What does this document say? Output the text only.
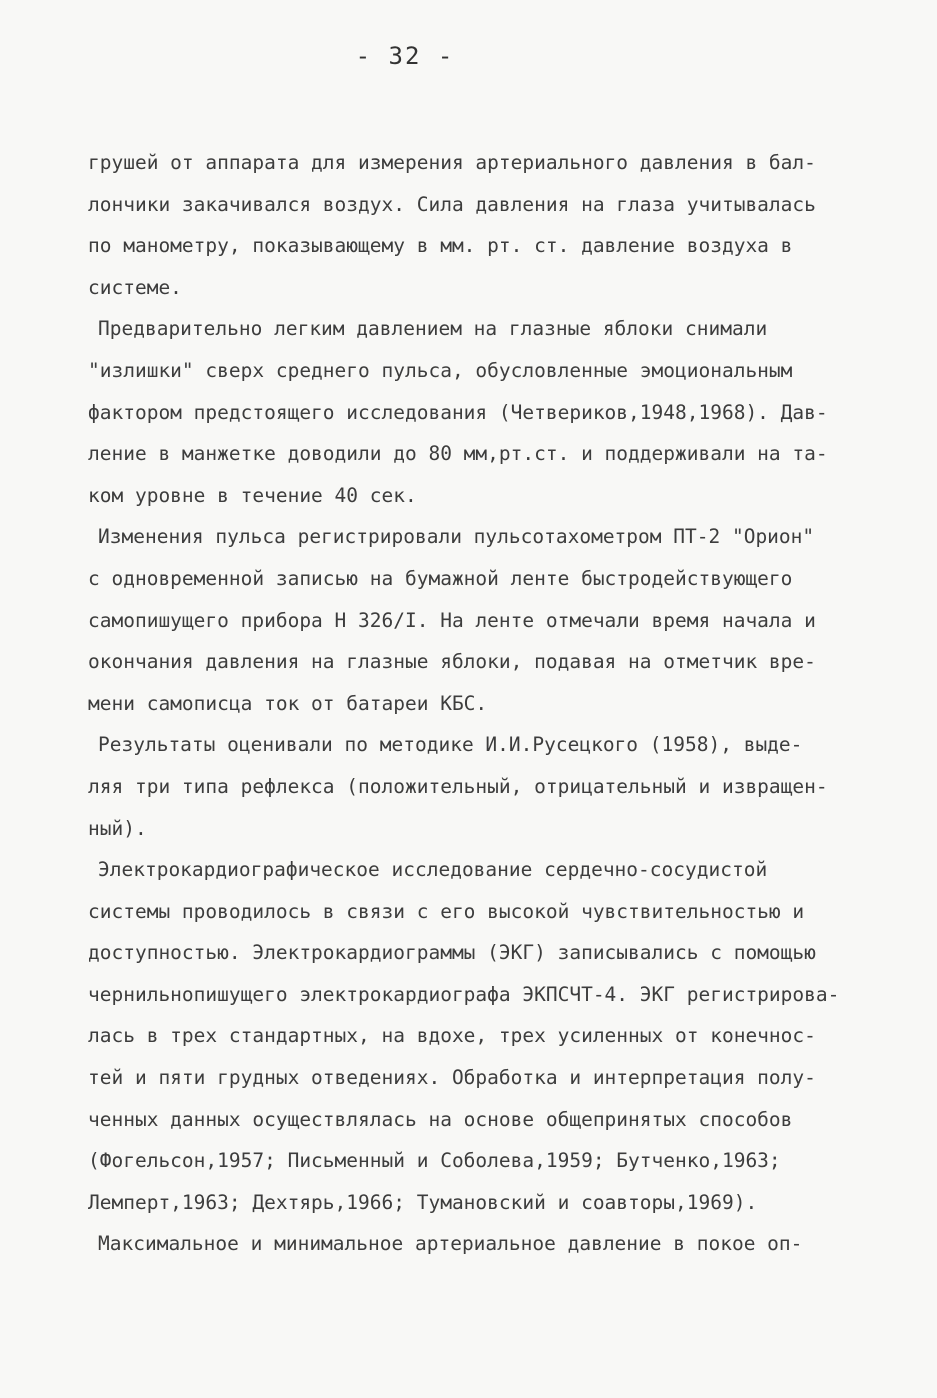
- 32 -
грушей от аппарата для измерения артериального давления в бал-
лончики закачивался воздух. Сила давления на глаза учитывалась
по манометру, показывающему в мм. рт. ст. давление воздуха в
системе.
Предварительно легким давлением на глазные яблоки снимали
"излишки" сверх среднего пульса, обусловленные эмоциональным
фактором предстоящего исследования (Четвериков,1948,1968). Дав-
ление в манжетке доводили до 80 мм,рт.ст. и поддерживали на та-
ком уровне в течение 40 сек.
Изменения пульса регистрировали пульсотахометром ПТ-2 "Орион"
с одновременной записью на бумажной ленте быстродействующего
самопишущего прибора Н 326/I. На ленте отмечали время начала и
окончания давления на глазные яблоки, подавая на отметчик вре-
мени самописца ток от батареи КБС.
Результаты оценивали по методике И.И.Русецкого (1958), выде-
ляя три типа рефлекса (положительный, отрицательный и извращен-
ный).
Электрокардиографическое исследование сердечно-сосудистой
системы проводилось в связи с его высокой чувствительностью и
доступностью. Электрокардиограммы (ЭКГ) записывались с помощью
чернильнопишущего электрокардиографа ЭКПСЧТ-4. ЭКГ регистрирова-
лась в трех стандартных, на вдохе, трех усиленных от конечнос-
тей и пяти грудных отведениях. Обработка и интерпретация полу-
ченных данных осуществлялась на основе общепринятых способов
(Фогельсон,1957; Письменный и Соболева,1959; Бутченко,1963;
Лемперт,1963; Дехтярь,1966; Тумановский и соавторы,1969).
Максимальное и минимальное артериальное давление в покое оп-
